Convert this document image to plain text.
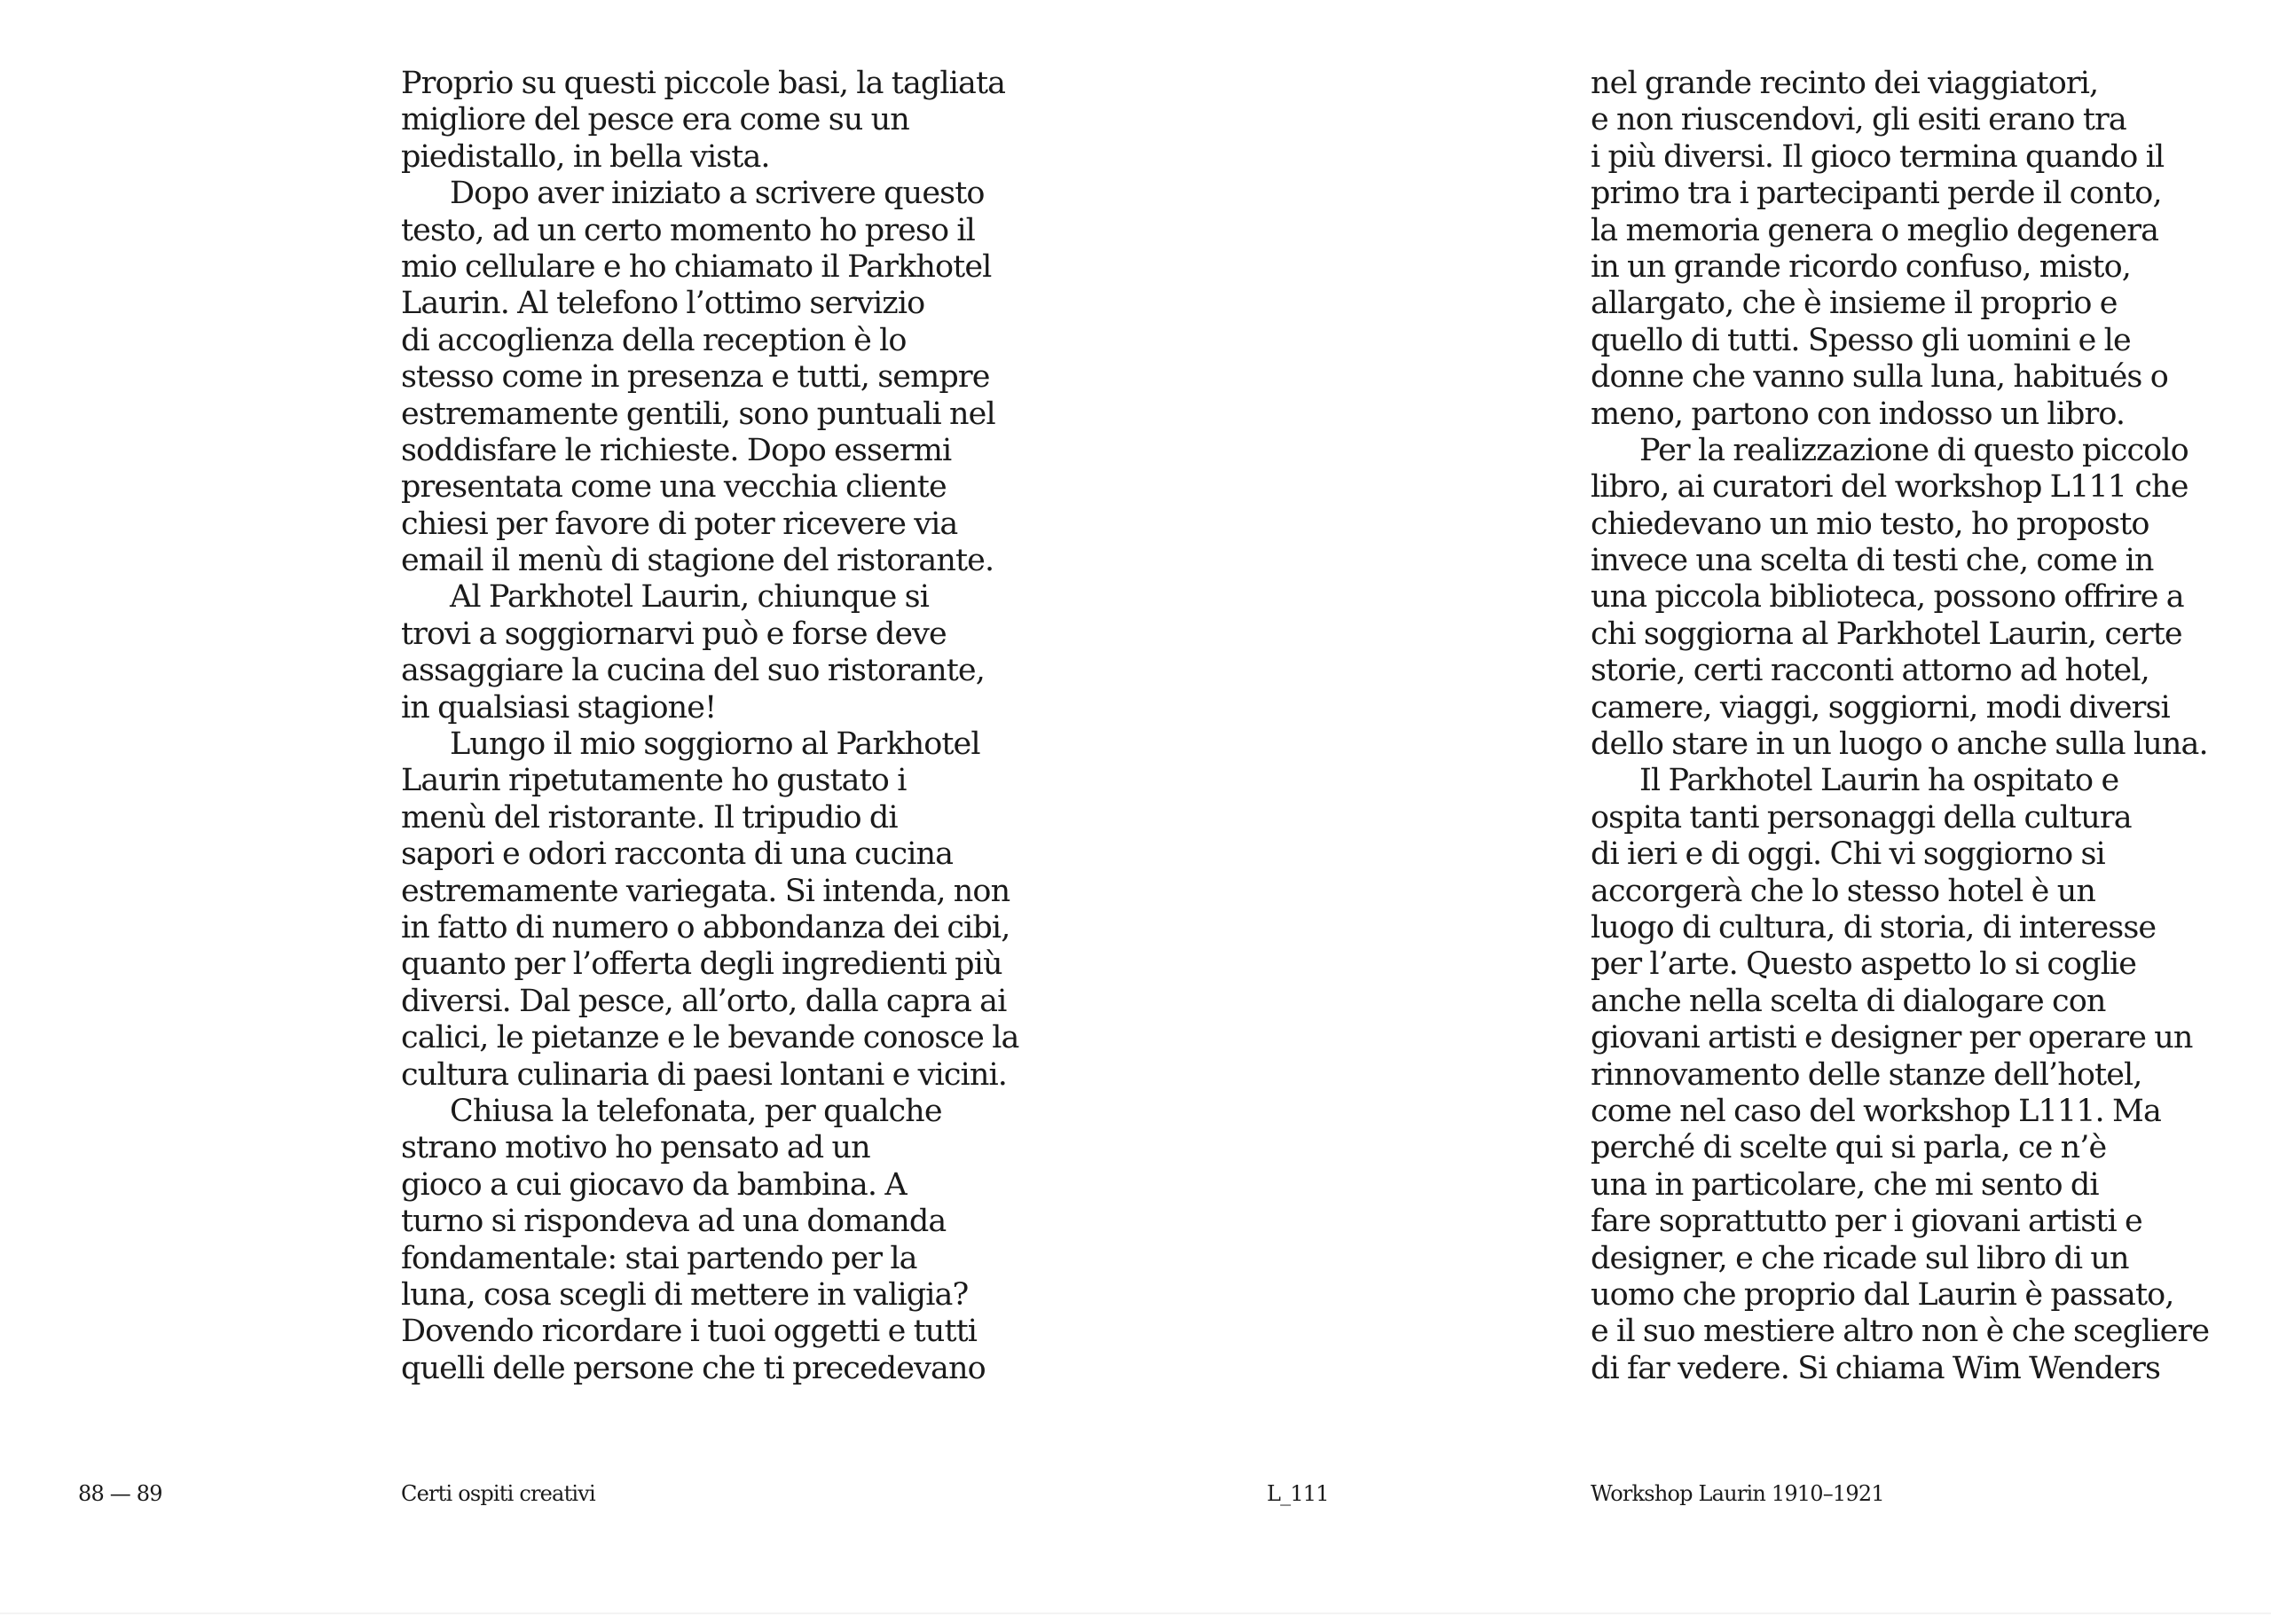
Proprio su questi piccole basi, la tagliata
migliore del pesce era come su un
piedistallo, in bella vista.
Dopo aver iniziato a scrivere questo
testo, ad un certo momento ho preso il
mio cellulare e ho chiamato il Parkhotel
Laurin. Al telefono l’ottimo servizio
di accoglienza della reception è lo
stesso come in presenza e tutti, sempre
estremamente gentili, sono puntuali nel
soddisfare le richieste. Dopo essermi
presentata come una vecchia cliente
chiesi per favore di poter ricevere via
email il menù di stagione del ristorante.
Al Parkhotel Laurin, chiunque si
trovi a soggiornarvi può e forse deve
assaggiare la cucina del suo ristorante,
in qualsiasi stagione!
Lungo il mio soggiorno al Parkhotel
Laurin ripetutamente ho gustato i
menù del ristorante. Il tripudio di
sapori e odori racconta di una cucina
estremamente variegata. Si intenda, non
in fatto di numero o abbondanza dei cibi,
quanto per l’offerta degli ingredienti più
diversi. Dal pesce, all’orto, dalla capra ai
calici, le pietanze e le bevande conosce la
cultura culinaria di paesi lontani e vicini.
Chiusa la telefonata, per qualche
strano motivo ho pensato ad un
gioco a cui giocavo da bambina. A
turno si rispondeva ad una domanda
fondamentale: stai partendo per la
luna, cosa scegli di mettere in valigia?
Dovendo ricordare i tuoi oggetti e tutti
quelli delle persone che ti precedevano
nel grande recinto dei viaggiatori,
e non riuscendovi, gli esiti erano tra
i più diversi. Il gioco termina quando il
primo tra i partecipanti perde il conto,
la memoria genera o meglio degenera
in un grande ricordo confuso, misto,
allargato, che è insieme il proprio e
quello di tutti. Spesso gli uomini e le
donne che vanno sulla luna, habitués o
meno, partono con indosso un libro.
Per la realizzazione di questo piccolo
libro, ai curatori del workshop L111 che
chiedevano un mio testo, ho proposto
invece una scelta di testi che, come in
una piccola biblioteca, possono offrire a
chi soggiorna al Parkhotel Laurin, certe
storie, certi racconti attorno ad hotel,
camere, viaggi, soggiorni, modi diversi
dello stare in un luogo o anche sulla luna.
Il Parkhotel Laurin ha ospitato e
ospita tanti personaggi della cultura
di ieri e di oggi. Chi vi soggiorno si
accorgerà che lo stesso hotel è un
luogo di cultura, di storia, di interesse
per l’arte. Questo aspetto lo si coglie
anche nella scelta di dialogare con
giovani artisti e designer per operare un
rinnovamento delle stanze dell’hotel,
come nel caso del workshop L111. Ma
perché di scelte qui si parla, ce n’è
una in particolare, che mi sento di
fare soprattutto per i giovani artisti e
designer, e che ricade sul libro di un
uomo che proprio dal Laurin è passato,
e il suo mestiere altro non è che scegliere
di far vedere. Si chiama Wim Wenders
88 — 89	Certi ospiti creativi	L_111	Workshop Laurin 1910–1921
